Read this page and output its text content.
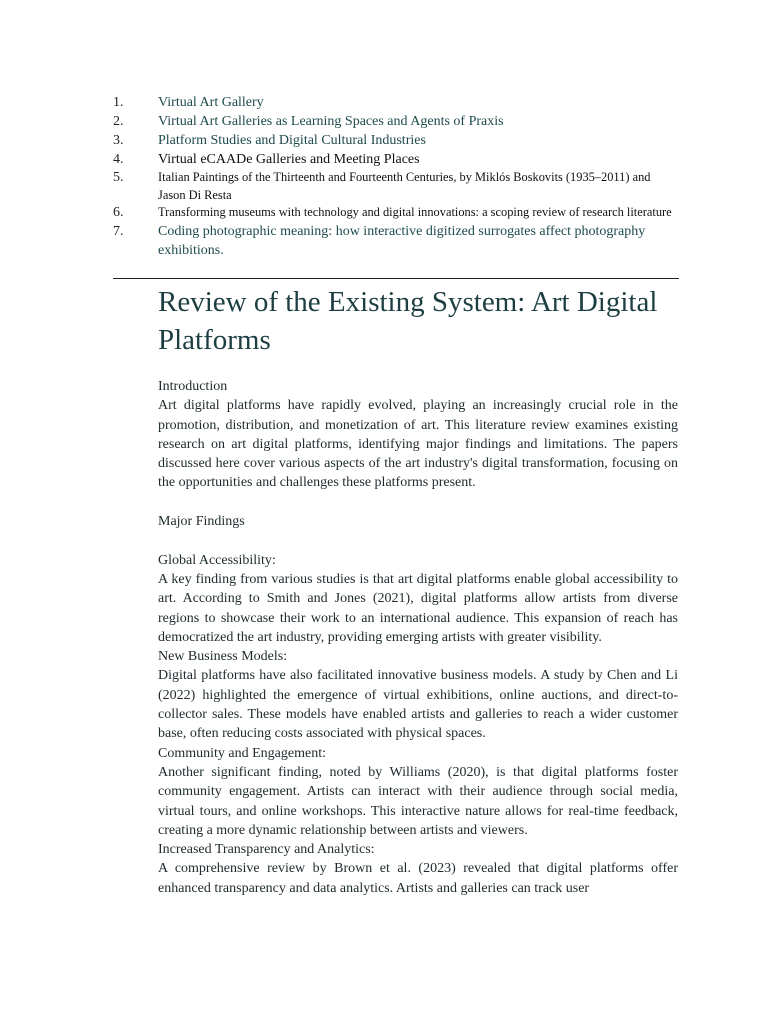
1.	Virtual Art Gallery
2.	Virtual Art Galleries as Learning Spaces and Agents of Praxis
3.	Platform Studies and Digital Cultural Industries
4.	Virtual eCAADe Galleries and Meeting Places
5.	Italian Paintings of the Thirteenth and Fourteenth Centuries, by Miklós Boskovits (1935–2011) and Jason Di Resta
6.	Transforming museums with technology and digital innovations: a scoping review of research literature
7.	Coding photographic meaning: how interactive digitized surrogates affect photography exhibitions.
Review of the Existing System: Art Digital Platforms

Introduction

Art digital platforms have rapidly evolved, playing an increasingly crucial role in the promotion, distribution, and monetization of art. This literature review examines existing research on art digital platforms, identifying major findings and limitations. The papers discussed here cover various aspects of the art industry's digital transformation, focusing on the opportunities and challenges these platforms present.

Major Findings

Global Accessibility:

A key finding from various studies is that art digital platforms enable global accessibility to art. According to Smith and Jones (2021), digital platforms allow artists from diverse regions to showcase their work to an international audience. This expansion of reach has democratized the art industry, providing emerging artists with greater visibility.

New Business Models:

Digital platforms have also facilitated innovative business models. A study by Chen and Li (2022) highlighted the emergence of virtual exhibitions, online auctions, and direct-to-collector sales. These models have enabled artists and galleries to reach a wider customer base, often reducing costs associated with physical spaces.

Community and Engagement:

Another significant finding, noted by Williams (2020), is that digital platforms foster community engagement. Artists can interact with their audience through social media, virtual tours, and online workshops. This interactive nature allows for real-time feedback, creating a more dynamic relationship between artists and viewers.

Increased Transparency and Analytics:

A comprehensive review by Brown et al. (2023) revealed that digital platforms offer enhanced transparency and data analytics. Artists and galleries can track user
